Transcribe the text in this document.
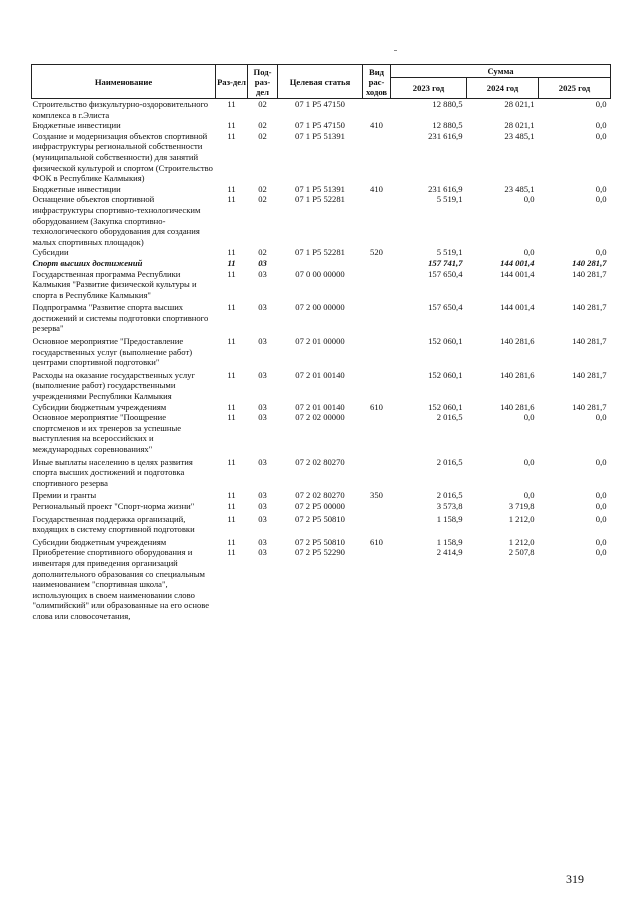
Наименование	Раз-дел	Под-раз-дел	Целевая статья	Вид рас-ходов	Сумма		
					2023 год	2024 год	2025 год
Строительство физкультурно-оздоровительного комплекса в г.Элиста	11	02	07 1 P5 47150		12 880,5	28 021,1	0,0
Бюджетные инвестиции	11	02	07 1 P5 47150	410	12 880,5	28 021,1	0,0
Создание и модернизация объектов спортивной инфраструктуры региональной собственности (муниципальной собственности) для занятий физической культурой и спортом (Строительство ФОК в Республике Калмыкия)	11	02	07 1 P5 51391		231 616,9	23 485,1	0,0
Бюджетные инвестиции	11	02	07 1 P5 51391	410	231 616,9	23 485,1	0,0
Оснащение объектов спортивной инфраструктуры спортивно-технологическим оборудованием (Закупка спортивно-технологического оборудования для создания малых спортивных площадок)	11	02	07 1 P5 52281		5 519,1	0,0	0,0
Субсидии	11	02	07 1 P5 52281	520	5 519,1	0,0	0,0
Спорт высших достижений	11	03			157 741,7	144 001,4	140 281,7
Государственная программа Республики Калмыкия "Развитие физической культуры и спорта в Республике Калмыкия"	11	03	07 0 00 00000		157 650,4	144 001,4	140 281,7
Подпрограмма "Развитие спорта высших достижений и системы подготовки спортивного резерва"	11	03	07 2 00 00000		157 650,4	144 001,4	140 281,7
Основное мероприятие "Предоставление государственных услуг (выполнение работ) центрами спортивной подготовки"	11	03	07 2 01 00000		152 060,1	140 281,6	140 281,7
Расходы на оказание государственных услуг (выполнение работ) государственными учреждениями Республики Калмыкия	11	03	07 2 01 00140		152 060,1	140 281,6	140 281,7
Субсидии бюджетным учреждениям	11	03	07 2 01 00140	610	152 060,1	140 281,6	140 281,7
Основное мероприятие "Поощрение спортсменов и их тренеров за успешные выступления на всероссийских и международных соревнованиях"	11	03	07 2 02 00000		2 016,5	0,0	0,0
Иные выплаты населению в целях развития спорта высших достижений и подготовка спортивного резерва	11	03	07 2 02 80270		2 016,5	0,0	0,0
Премии и гранты	11	03	07 2 02 80270	350	2 016,5	0,0	0,0
Региональный проект "Спорт-норма жизни"	11	03	07 2 P5 00000		3 573,8	3 719,8	0,0
Государственная поддержка организаций, входящих в систему спортивной подготовки	11	03	07 2 P5 50810		1 158,9	1 212,0	0,0
Субсидии бюджетным учреждениям	11	03	07 2 P5 50810	610	1 158,9	1 212,0	0,0
Приобретение спортивного оборудования и инвентаря для приведения организаций дополнительного образования со специальным наименованием "спортивная школа", использующих в своем наименовании слово "олимпийский" или образованные на его основе слова или словосочетания,	11	03	07 2 P5 52290		2 414,9	2 507,8	0,0
319
